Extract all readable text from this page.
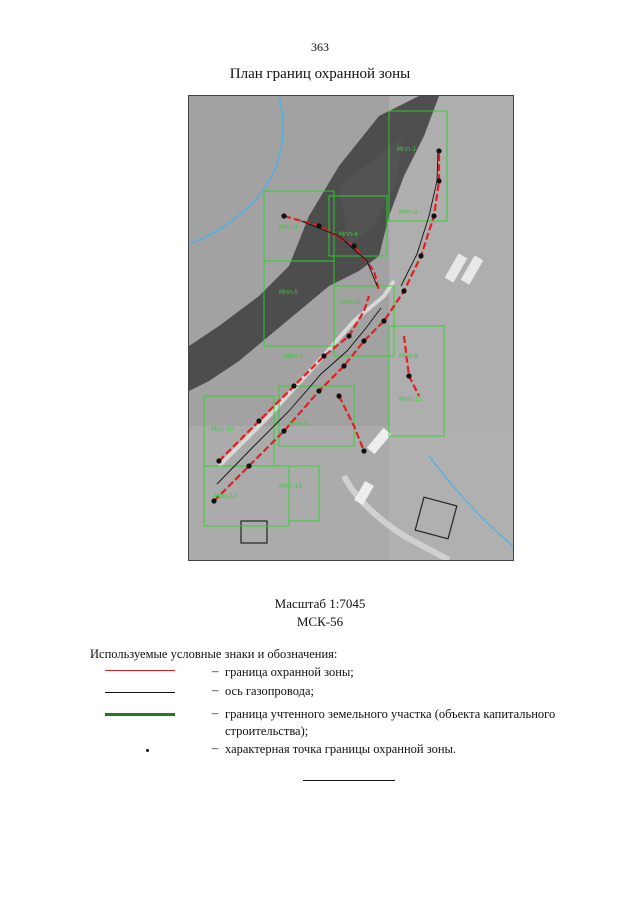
363
План границ охранной зоны
Мпп-1
Мпп-2
Мпп-3
Мпп-4
Мпп-5
Мпп-6
Мпп-7	Мпп-8
Мпп-9
Мпп-10
Мпп-11
Мпп-12
Мпп-13
Масштаб 1:7045
МСК-56
Используемые условные знаки и обозначения:
– граница охранной зоны;
– ось газопровода;
– граница учтенного земельного участка (объекта капитального строительства);
– характерная точка границы охранной зоны.
